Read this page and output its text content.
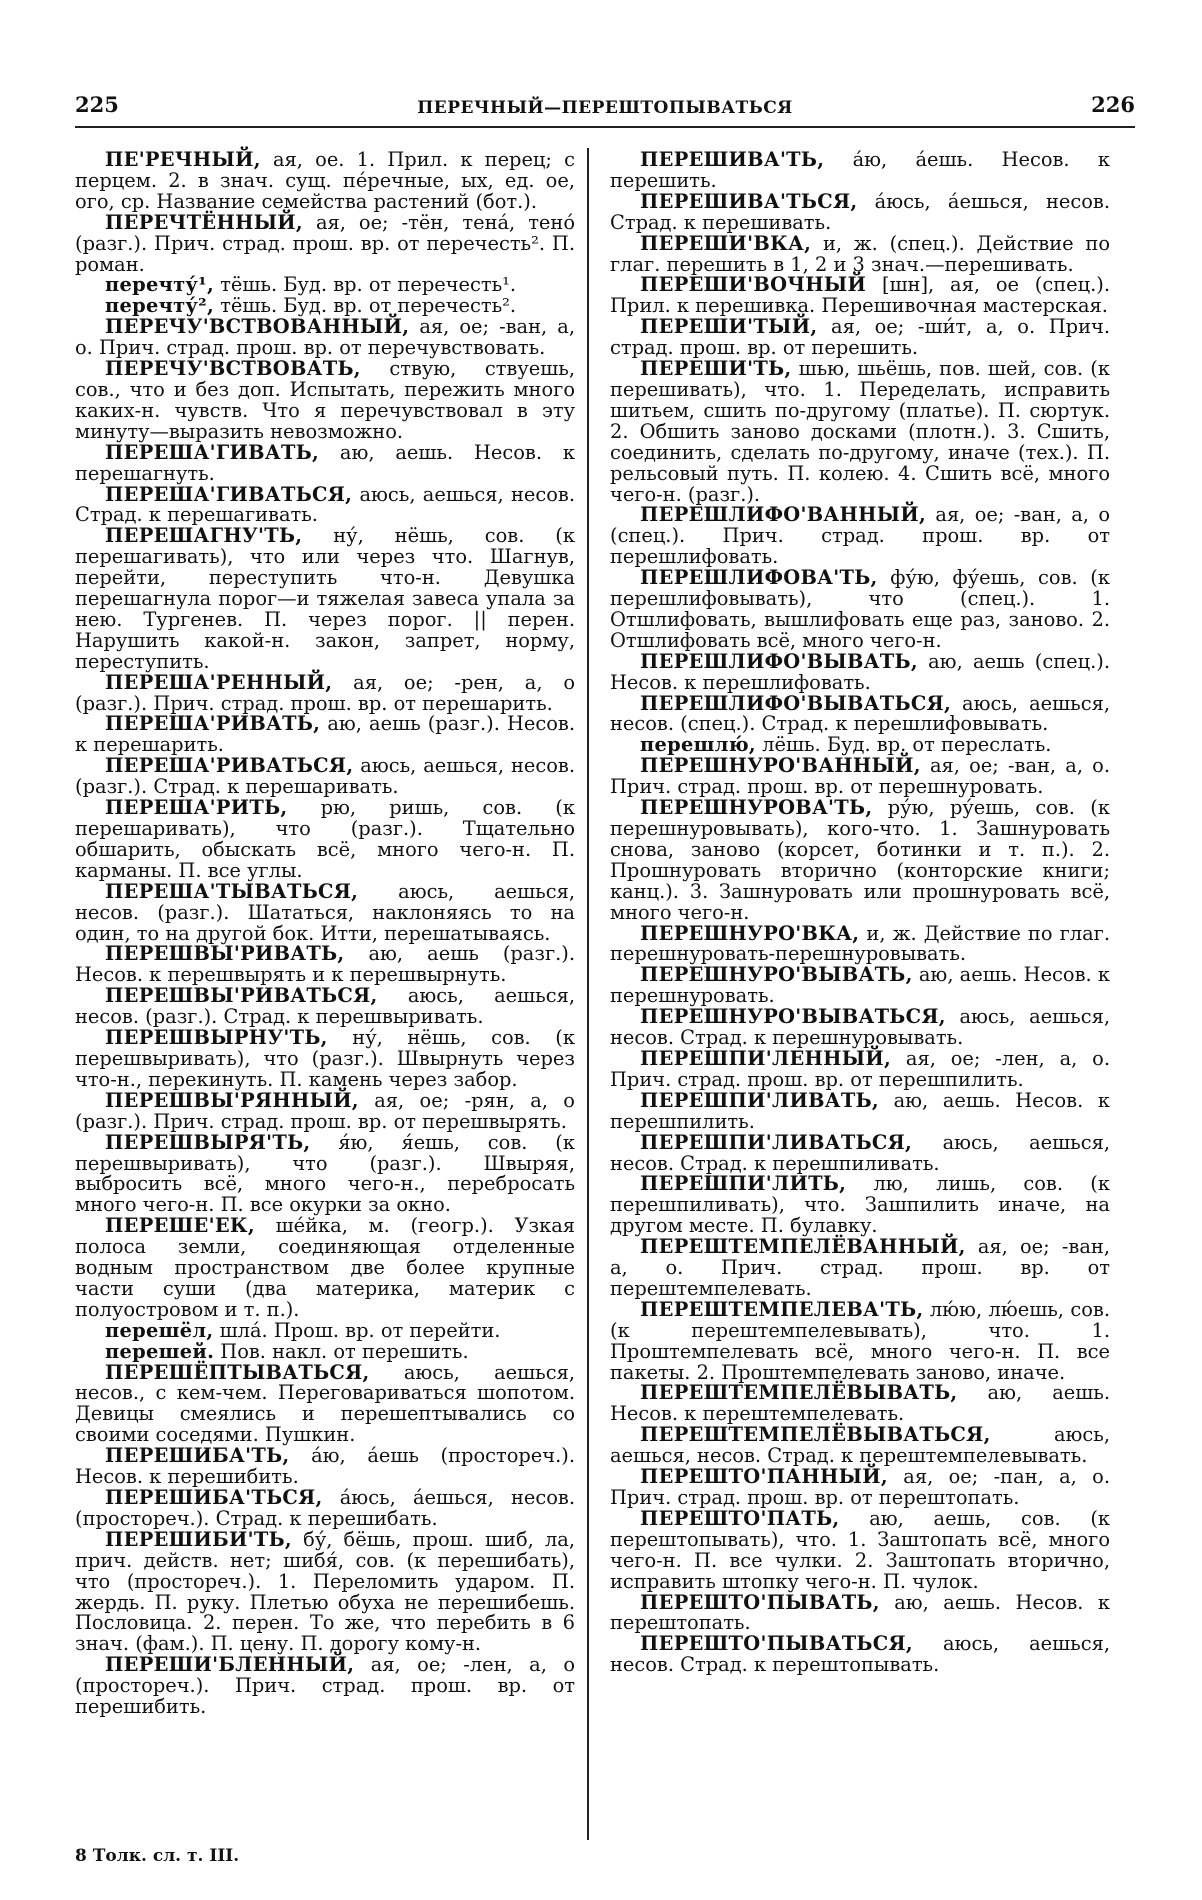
225	ПЕРЕЧНЫЙ—ПЕРЕШТОПЫВАТЬСЯ	226

ПЕ'РЕЧНЫЙ, ая, ое. 1. Прил. к перец; с перцем. 2. в знач. сущ. пе́речные, ых, ед. ое, ого, ср. Название семейства растений (бот.).

ПЕРЕЧТЁННЫЙ, ая, ое; -тён, тена́, тено́ (разг.). Прич. страд. прош. вр. от перечесть². П. роман.

перечту́¹, тёшь. Буд. вр. от перечесть¹.

перечту́², тёшь. Буд. вр. от перечесть².

ПЕРЕЧУ'ВСТВОВАННЫЙ, ая, ое; -ван, а, о. Прич. страд. прош. вр. от перечувствовать.

ПЕРЕЧУ'ВСТВОВАТЬ, ствую, ствуешь, сов., что и без доп. Испытать, пережить много каких-н. чувств. Что я перечувствовал в эту минуту—выразить невозможно.

ПЕРЕША'ГИВАТЬ, аю, аешь. Несов. к перешагнуть.

ПЕРЕША'ГИВАТЬСЯ, аюсь, аешься, несов. Страд. к перешагивать.

ПЕРЕШАГНУ'ТЬ, ну́, нёшь, сов. (к перешагивать), что или через что. Шагнув, перейти, переступить что-н. Девушка перешагнула порог—и тяжелая завеса упала за нею. Тургенев. П. через порог. || перен. Нарушить какой-н. закон, запрет, норму, переступить.

ПЕРЕША'РЕННЫЙ, ая, ое; -рен, а, о (разг.). Прич. страд. прош. вр. от перешарить.

ПЕРЕША'РИВАТЬ, аю, аешь (разг.). Несов. к перешарить.

ПЕРЕША'РИВАТЬСЯ, аюсь, аешься, несов. (разг.). Страд. к перешаривать.

ПЕРЕША'РИТЬ, рю, ришь, сов. (к перешаривать), что (разг.). Тщательно обшарить, обыскать всё, много чего-н. П. карманы. П. все углы.

ПЕРЕША'ТЫВАТЬСЯ, аюсь, аешься, несов. (разг.). Шататься, наклоняясь то на один, то на другой бок. Итти, перешатываясь.

ПЕРЕШВЫ'РИВАТЬ, аю, аешь (разг.). Несов. к перешвырять и к перешвырнуть.

ПЕРЕШВЫ'РИВАТЬСЯ, аюсь, аешься, несов. (разг.). Страд. к перешвыривать.

ПЕРЕШВЫРНУ'ТЬ, ну́, нёшь, сов. (к перешвыривать), что (разг.). Швырнуть через что-н., перекинуть. П. камень через забор.

ПЕРЕШВЫ'РЯННЫЙ, ая, ое; -рян, а, о (разг.). Прич. страд. прош. вр. от перешвырять.

ПЕРЕШВЫРЯ'ТЬ, я́ю, я́ешь, сов. (к перешвыривать), что (разг.). Швыряя, выбросить всё, много чего-н., перебросать много чего-н. П. все окурки за окно.

ПЕРЕШЕ'ЕК, ше́йка, м. (геогр.). Узкая полоса земли, соединяющая отделенные водным пространством две более крупные части суши (два материка, материк с полуостровом и т. п.).

перешёл, шла́. Прош. вр. от перейти.

перешей. Пов. накл. от перешить.

ПЕРЕШЁПТЫВАТЬСЯ, аюсь, аешься, несов., с кем-чем. Переговариваться шопотом. Девицы смеялись и перешептывались со своими соседями. Пушкин.

ПЕРЕШИБА'ТЬ, а́ю, а́ешь (простореч.). Несов. к перешибить.

ПЕРЕШИБА'ТЬСЯ, а́юсь, а́ешься, несов. (простореч.). Страд. к перешибать.

ПЕРЕШИБИ'ТЬ, бу́, бёшь, прош. шиб, ла, прич. действ. нет; шибя́, сов. (к перешибать), что (простореч.). 1. Переломить ударом. П. жердь. П. руку. Плетью обуха не перешибешь. Пословица. 2. перен. То же, что перебить в 6 знач. (фам.). П. цену. П. дорогу кому-н.

ПЕРЕШИ'БЛЕННЫЙ, ая, ое; -лен, а, о (простореч.). Прич. страд. прош. вр. от перешибить.

ПЕРЕШИВА'ТЬ, а́ю, а́ешь. Несов. к перешить.

ПЕРЕШИВА'ТЬСЯ, а́юсь, а́ешься, несов. Страд. к перешивать.

ПЕРЕШИ'ВКА, и, ж. (спец.). Действие по глаг. перешить в 1, 2 и 3 знач.—перешивать.

ПЕРЕШИ'ВОЧНЫЙ [шн], ая, ое (спец.). Прил. к перешивка. Перешивочная мастерская.

ПЕРЕШИ'ТЫЙ, ая, ое; -ши́т, а, о. Прич. страд. прош. вр. от перешить.

ПЕРЕШИ'ТЬ, шью, шьёшь, пов. шей, сов. (к перешивать), что. 1. Переделать, исправить шитьем, сшить по-другому (платье). П. сюртук. 2. Обшить заново досками (плотн.). 3. Сшить, соединить, сделать по-другому, иначе (тех.). П. рельсовый путь. П. колею. 4. Сшить всё, много чего-н. (разг.).

ПЕРЕШЛИФО'ВАННЫЙ, ая, ое; -ван, а, о (спец.). Прич. страд. прош. вр. от перешлифовать.

ПЕРЕШЛИФОВА'ТЬ, фу́ю, фу́ешь, сов. (к перешлифовывать), что (спец.). 1. Отшлифовать, вышлифовать еще раз, заново. 2. Отшлифовать всё, много чего-н.

ПЕРЕШЛИФО'ВЫВАТЬ, аю, аешь (спец.). Несов. к перешлифовать.

ПЕРЕШЛИФО'ВЫВАТЬСЯ, аюсь, аешься, несов. (спец.). Страд. к перешлифовывать.

перешлю́, лёшь. Буд. вр. от переслать.

ПЕРЕШНУРО'ВАННЫЙ, ая, ое; -ван, а, о. Прич. страд. прош. вр. от перешнуровать.

ПЕРЕШНУРОВА'ТЬ, ру́ю, ру́ешь, сов. (к перешнуровывать), кого-что. 1. Зашнуровать снова, заново (корсет, ботинки и т. п.). 2. Прошнуровать вторично (конторские книги; канц.). 3. Зашнуровать или прошнуровать всё, много чего-н.

ПЕРЕШНУРО'ВКА, и, ж. Действие по глаг. перешнуровать-перешнуровывать.

ПЕРЕШНУРО'ВЫВАТЬ, аю, аешь. Несов. к перешнуровать.

ПЕРЕШНУРО'ВЫВАТЬСЯ, аюсь, аешься, несов. Страд. к перешнуровывать.

ПЕРЕШПИ'ЛЕННЫЙ, ая, ое; -лен, а, о. Прич. страд. прош. вр. от перешпилить.

ПЕРЕШПИ'ЛИВАТЬ, аю, аешь. Несов. к перешпилить.

ПЕРЕШПИ'ЛИВАТЬСЯ, аюсь, аешься, несов. Страд. к перешпиливать.

ПЕРЕШПИ'ЛИТЬ, лю, лишь, сов. (к перешпиливать), что. Зашпилить иначе, на другом месте. П. булавку.

ПЕРЕШТЕМПЕЛЁВАННЫЙ, ая, ое; -ван, а, о. Прич. страд. прош. вр. от перештемпелевать.

ПЕРЕШТЕМПЕЛЕВА'ТЬ, лю́ю, лю́ешь, сов. (к перештемпелевывать), что. 1. Проштемпелевать всё, много чего-н. П. все пакеты. 2. Проштемпелевать заново, иначе.

ПЕРЕШТЕМПЕЛЁВЫВАТЬ, аю, аешь. Несов. к перештемпелевать.

ПЕРЕШТЕМПЕЛЁВЫВАТЬСЯ, аюсь, аешься, несов. Страд. к перештемпелевывать.

ПЕРЕШТО'ПАННЫЙ, ая, ое; -пан, а, о. Прич. страд. прош. вр. от перештопать.

ПЕРЕШТО'ПАТЬ, аю, аешь, сов. (к перештопывать), что. 1. Заштопать всё, много чего-н. П. все чулки. 2. Заштопать вторично, исправить штопку чего-н. П. чулок.

ПЕРЕШТО'ПЫВАТЬ, аю, аешь. Несов. к перештопать.

ПЕРЕШТО'ПЫВАТЬСЯ, аюсь, аешься, несов. Страд. к перештопывать.

8 Толк. сл. т. III.
